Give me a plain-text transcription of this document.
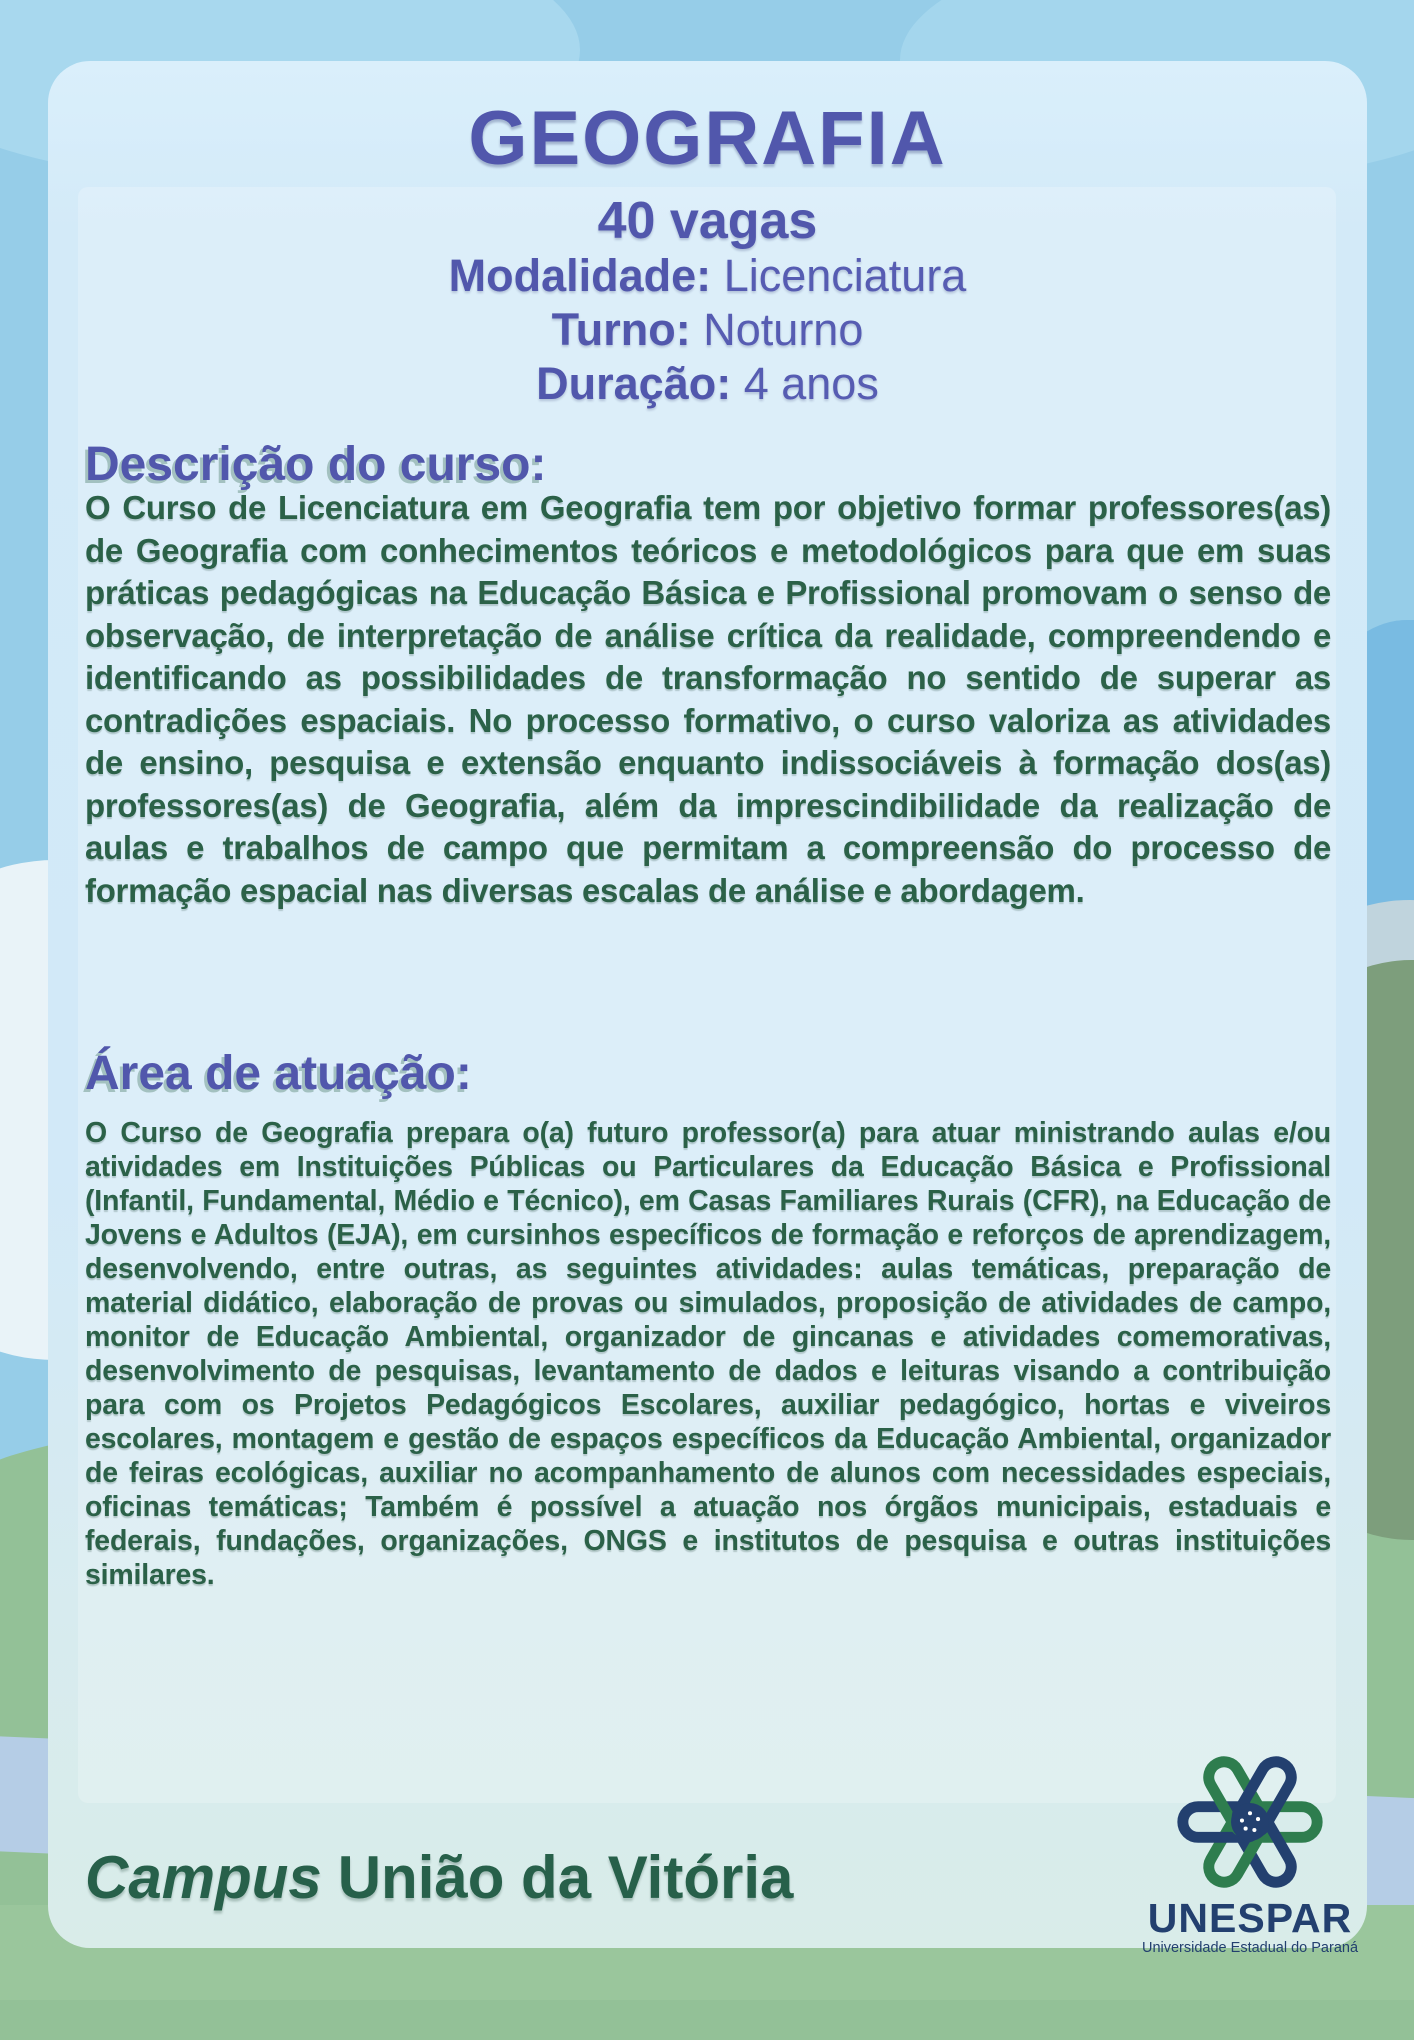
GEOGRAFIA
40 vagas
Modalidade: Licenciatura
Turno: Noturno
Duração: 4 anos
Descrição do curso:
O Curso de Licenciatura em Geografia tem por objetivo formar professores(as) de Geografia com conhecimentos teóricos e metodológicos para que em suas práticas pedagógicas na Educação Básica e Profissional promovam o senso de observação, de interpretação de análise crítica da realidade, compreendendo e identificando as possibilidades de transformação no sentido de superar as contradições espaciais. No processo formativo, o curso valoriza as atividades de ensino, pesquisa e extensão enquanto indissociáveis à formação dos(as) professores(as) de Geografia, além da imprescindibilidade da realização de aulas e trabalhos de campo que permitam a compreensão do processo de formação espacial nas diversas escalas de análise e abordagem.
Área de atuação:
O Curso de Geografia prepara o(a) futuro professor(a) para atuar ministrando aulas e/ou atividades em Instituições Públicas ou Particulares da Educação Básica e Profissional (Infantil, Fundamental, Médio e Técnico), em Casas Familiares Rurais (CFR), na Educação de Jovens e Adultos (EJA), em cursinhos específicos de formação e reforços de aprendizagem, desenvolvendo, entre outras, as seguintes atividades: aulas temáticas, preparação de material didático, elaboração de provas ou simulados, proposição de atividades de campo, monitor de Educação Ambiental, organizador de gincanas e atividades comemorativas, desenvolvimento de pesquisas, levantamento de dados e leituras visando a contribuição para com os Projetos Pedagógicos Escolares, auxiliar pedagógico, hortas e viveiros escolares, montagem e gestão de espaços específicos da Educação Ambiental, organizador de feiras ecológicas, auxiliar no acompanhamento de alunos com necessidades especiais, oficinas temáticas; Também é possível a atuação nos órgãos municipais, estaduais e federais, fundações, organizações, ONGS e institutos de pesquisa e outras instituições similares.
Campus União da Vitória
UNESPAR
Universidade Estadual do Paraná
